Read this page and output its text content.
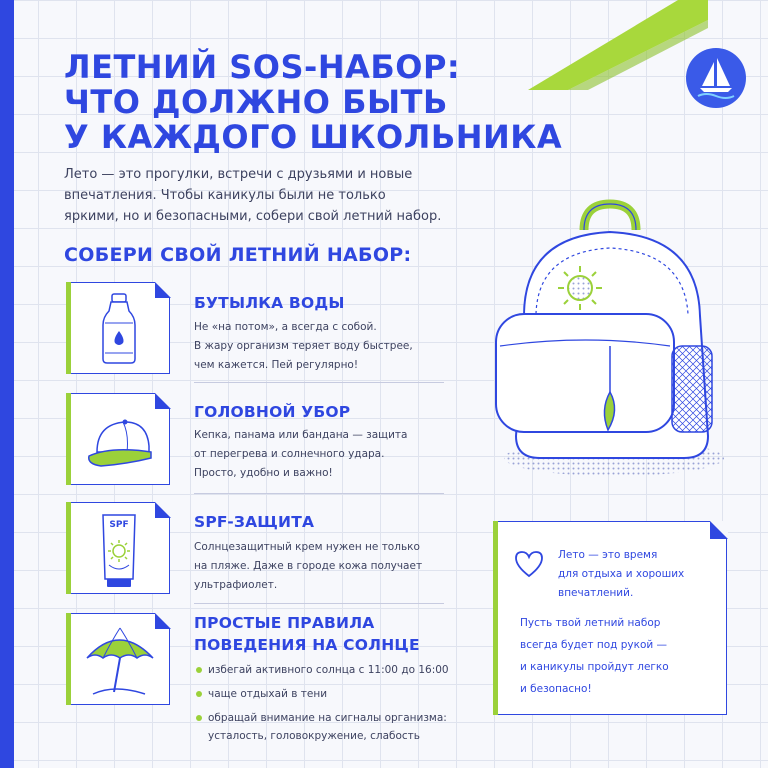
ЛЕТНИЙ SOS-НАБОР:
ЧТО ДОЛЖНО БЫТЬ
У КАЖДОГО ШКОЛЬНИКА

Лето — это прогулки, встречи с друзьями и новые
впечатления. Чтобы каникулы были не только
яркими, но и безопасными, собери свой летний набор.

СОБЕРИ СВОЙ ЛЕТНИЙ НАБОР:
БУТЫЛКА ВОДЫ
Не «на потом», а всегда с собой.
В жару организм теряет воду быстрее,
чем кажется. Пей регулярно!
ГОЛОВНОЙ УБОР
Кепка, панама или бандана — защита
от перегрева и солнечного удара.
Просто, удобно и важно!
SPF	SPF-ЗАЩИТА
Солнцезащитный крем нужен не только
на пляже. Даже в городе кожа получает
ультрафиолет.
ПРОСТЫЕ ПРАВИЛА
ПОВЕДЕНИЯ НА СОЛНЦЕ
избегай активного солнца с 11:00 до 16:00
чаще отдыхай в тени
обращай внимание на сигналы организма:
усталость, головокружение, слабость
Лето — это время
для отдыха и хороших
впечатлений.
Пусть твой летний набор
всегда будет под рукой —
и каникулы пройдут легко
и безопасно!
